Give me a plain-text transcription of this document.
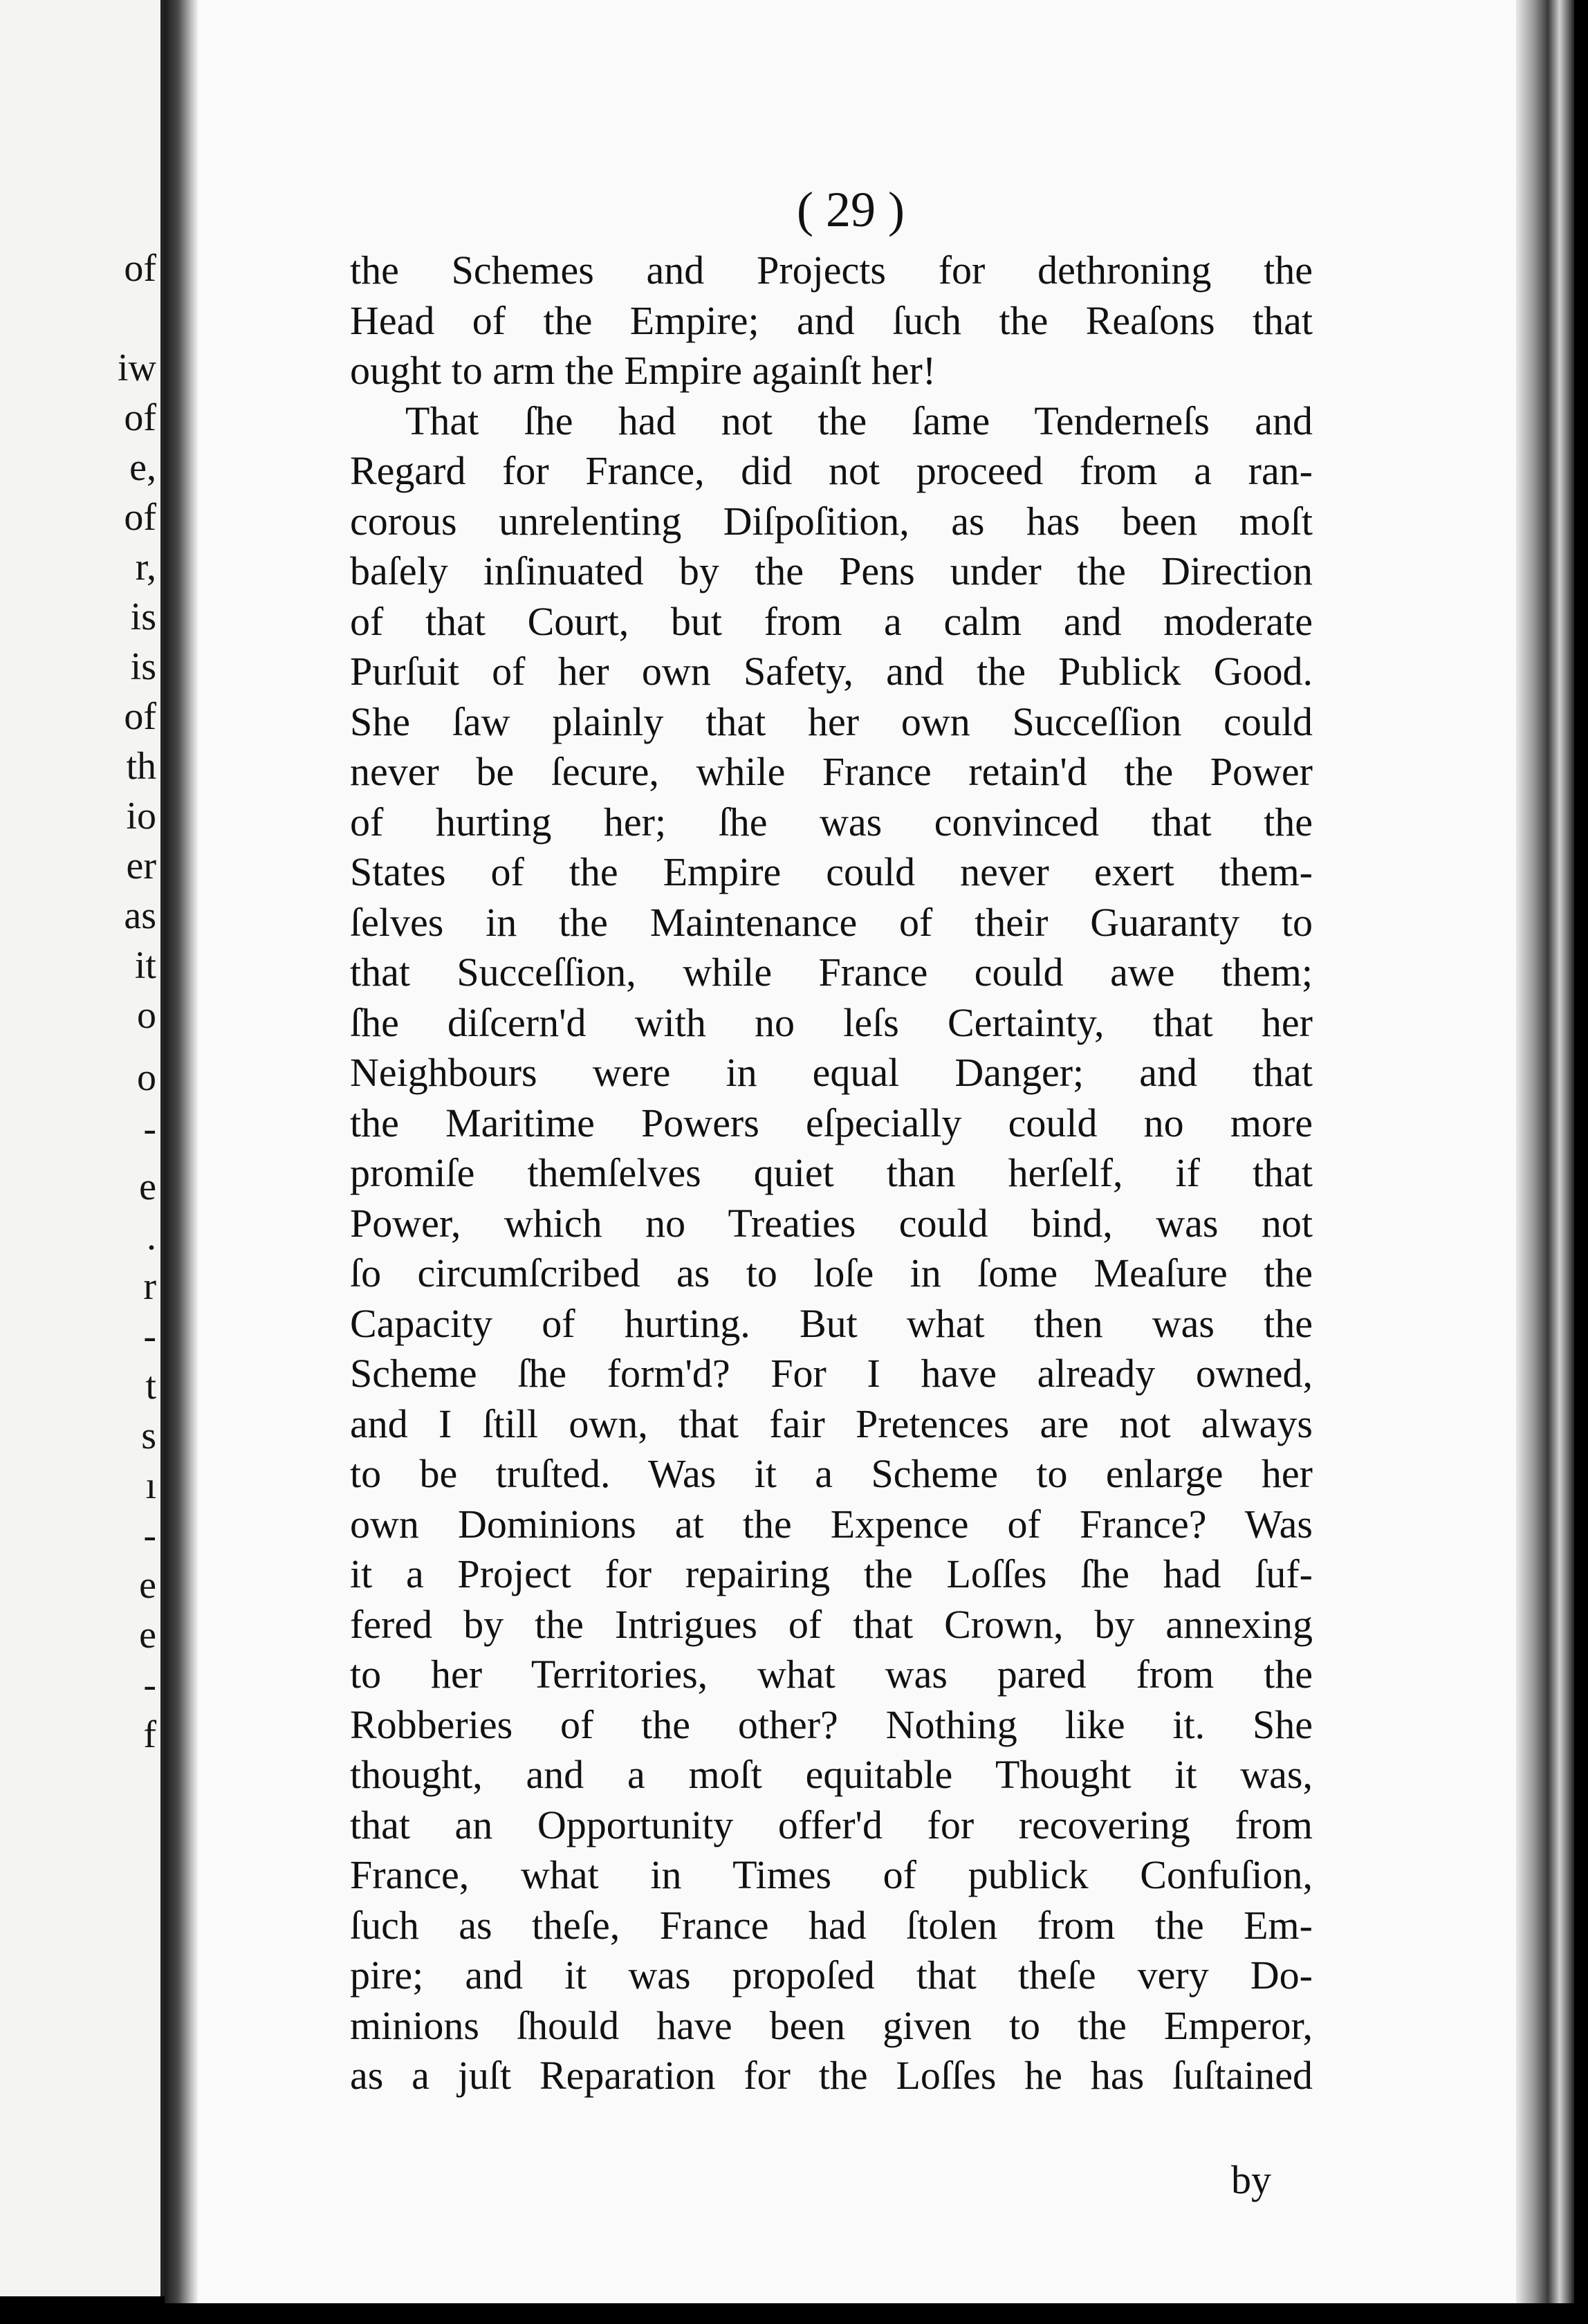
of
iw
of
e,
of
r,
is
is
of
th
io
er
as
it
o
o
-
e
.
r
-
t
s
ı
-
e
e
-
f
( 29 )
the Schemes and Projects for dethroning the
Head of the Empire; and ſuch the Reaſons that
ought to arm the Empire againſt her!
That ſhe had not the ſame Tenderneſs and
Regard for France, did not proceed from a ran-
corous unrelenting Diſpoſition, as has been moſt
baſely inſinuated by the Pens under the Direction
of that Court, but from a calm and moderate
Purſuit of her own Safety, and the Publick Good.
She ſaw plainly that her own Succeſſion could
never be ſecure, while France retain'd the Power
of hurting her; ſhe was convinced that the
States of the Empire could never exert them-
ſelves in the Maintenance of their Guaranty to
that Succeſſion, while France could awe them;
ſhe diſcern'd with no leſs Certainty, that her
Neighbours were in equal Danger; and that
the Maritime Powers eſpecially could no more
promiſe themſelves quiet than herſelf, if that
Power, which no Treaties could bind, was not
ſo circumſcribed as to loſe in ſome Meaſure the
Capacity of hurting. But what then was the
Scheme ſhe form'd? For I have already owned,
and I ſtill own, that fair Pretences are not always
to be truſted. Was it a Scheme to enlarge her
own Dominions at the Expence of France? Was
it a Project for repairing the Loſſes ſhe had ſuf-
fered by the Intrigues of that Crown, by annexing
to her Territories, what was pared from the
Robberies of the other? Nothing like it. She
thought, and a moſt equitable Thought it was,
that an Opportunity offer'd for recovering from
France, what in Times of publick Confuſion,
ſuch as theſe, France had ſtolen from the Em-
pire; and it was propoſed that theſe very Do-
minions ſhould have been given to the Emperor,
as a juſt Reparation for the Loſſes he has ſuſtained
by
